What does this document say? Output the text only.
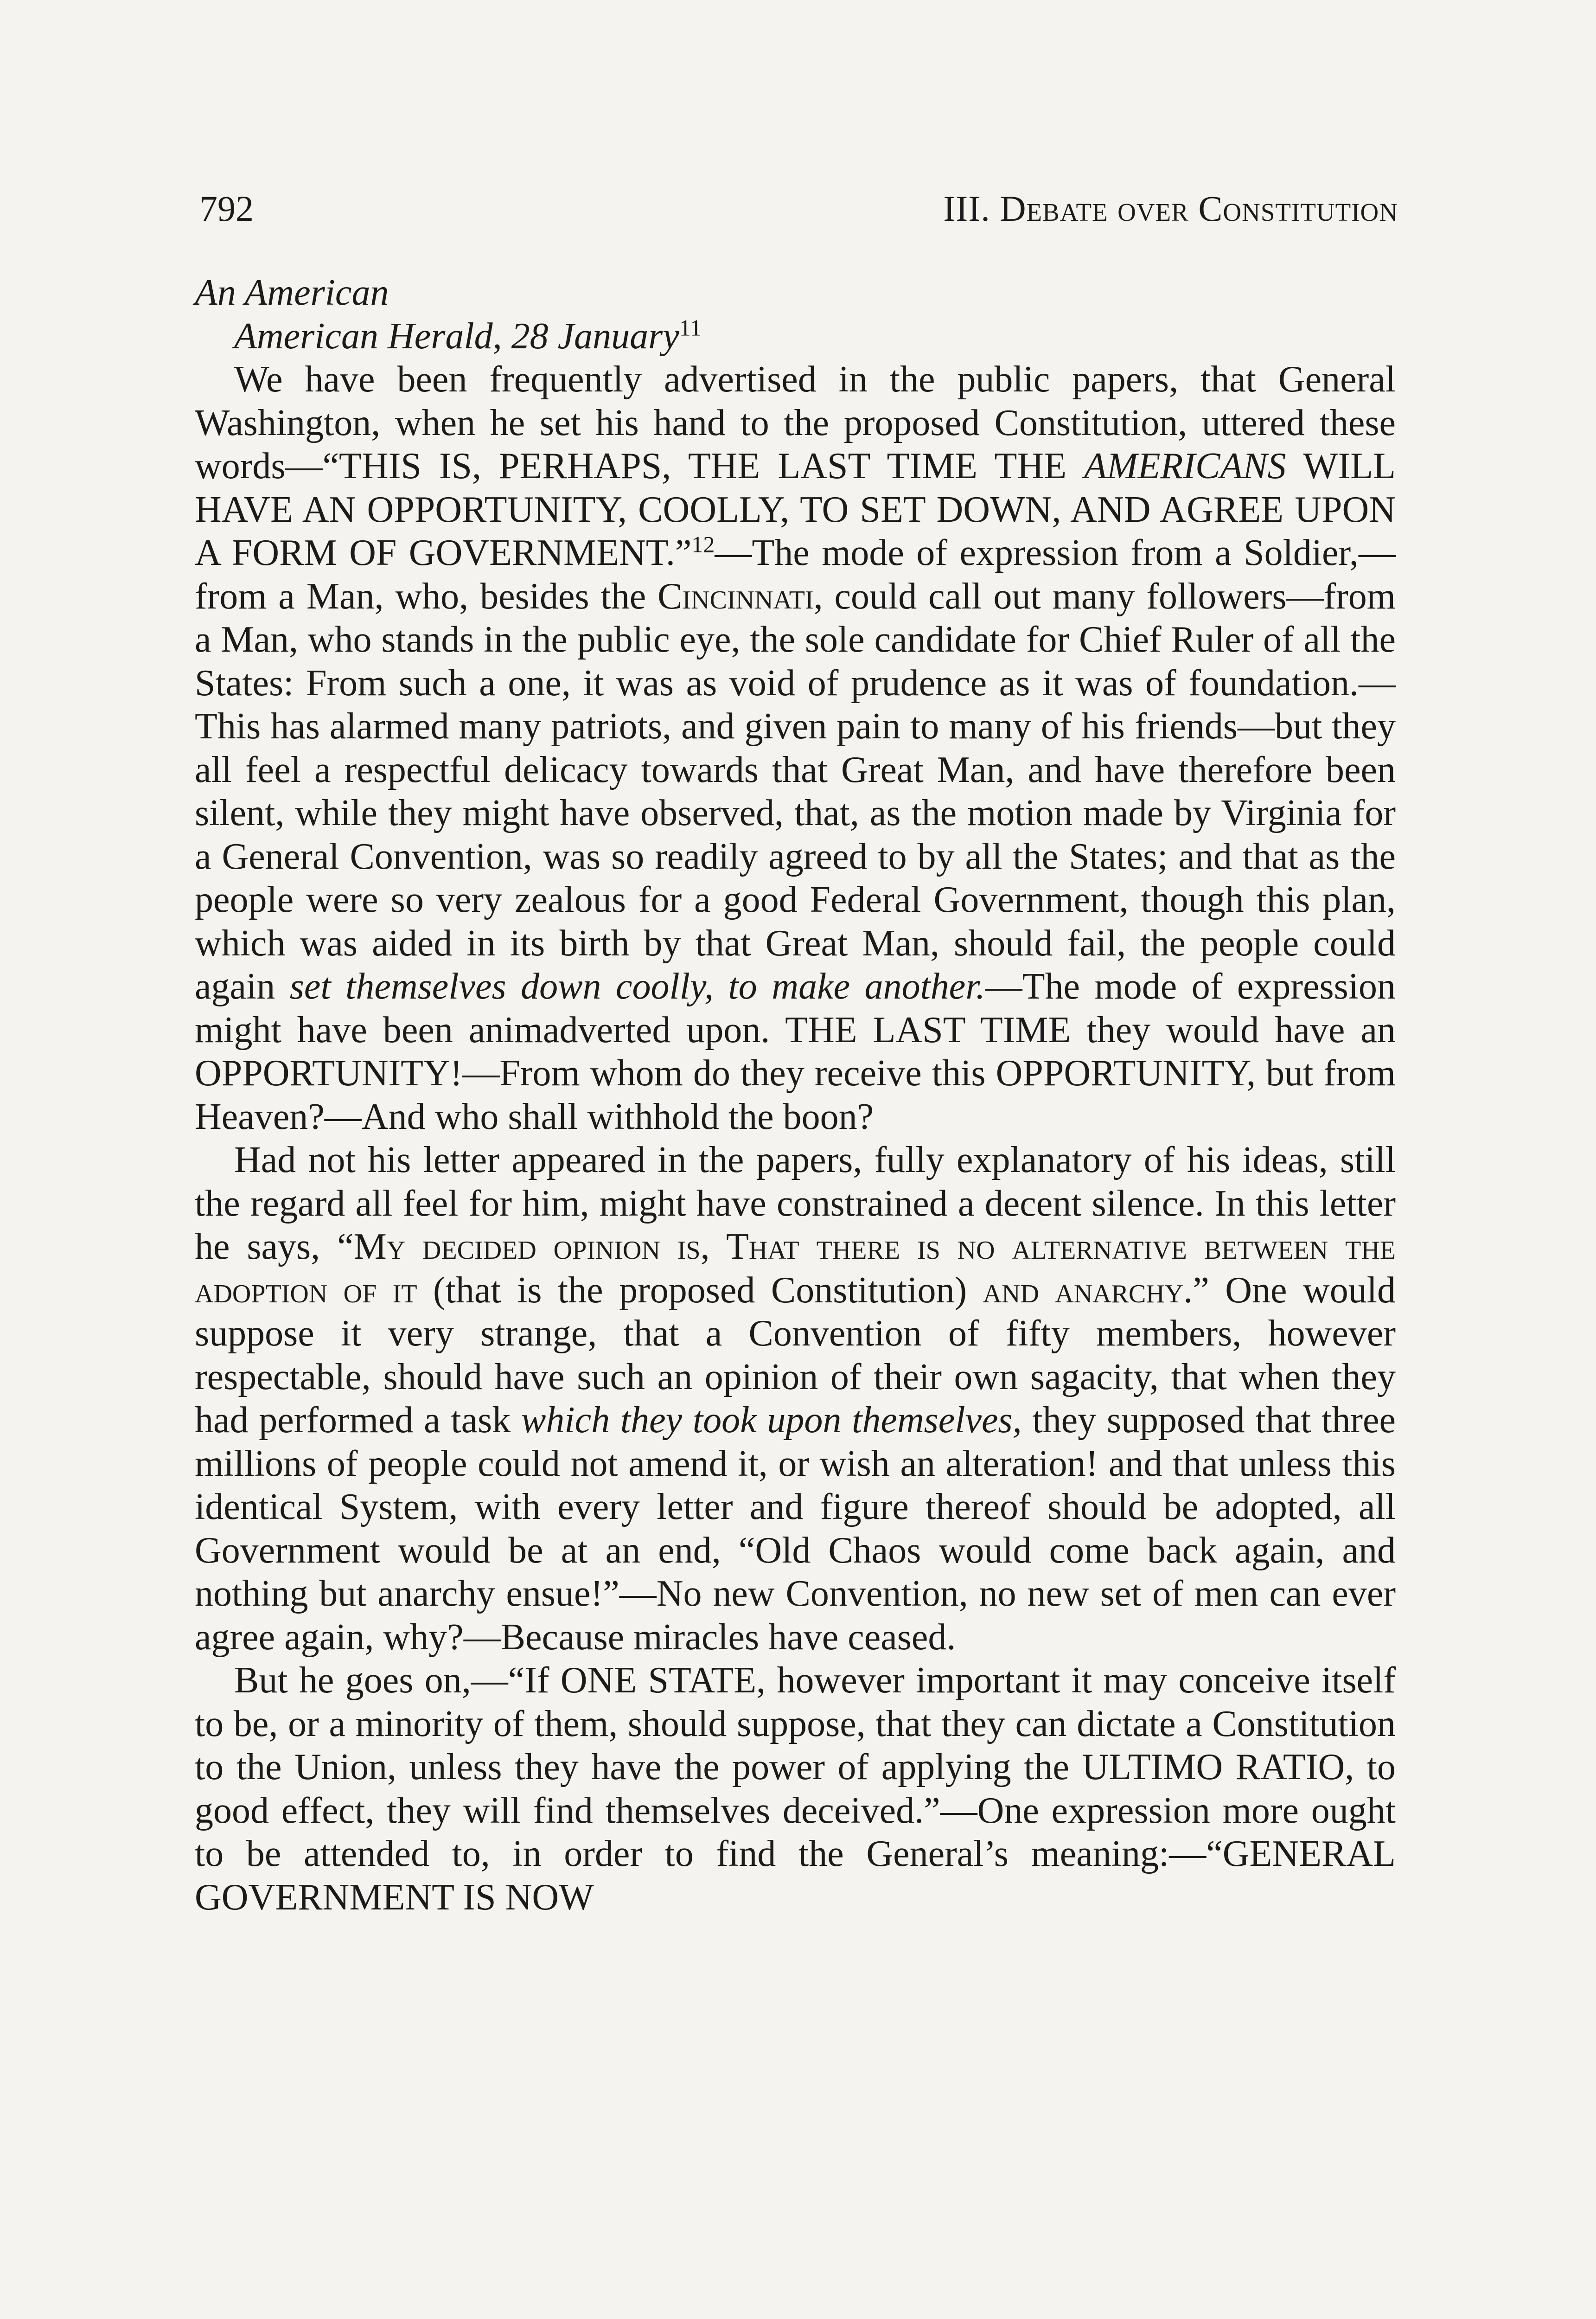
792	III. Debate over Constitution

An American

American Herald, 28 January$^{11}$

We have been frequently advertised in the public papers, that General Washington, when he set his hand to the proposed Constitution, uttered these words—“THIS IS, PERHAPS, THE LAST TIME THE AMERICANS WILL HAVE AN OPPORTUNITY, COOLLY, TO SET DOWN, AND AGREE UPON A FORM OF GOVERNMENT.”$^{12}$—The mode of expression from a Soldier,—from a Man, who, besides the Cincinnati, could call out many followers—from a Man, who stands in the public eye, the sole candidate for Chief Ruler of all the States: From such a one, it was as void of prudence as it was of foundation.—This has alarmed many patriots, and given pain to many of his friends—but they all feel a respectful delicacy towards that Great Man, and have therefore been silent, while they might have observed, that, as the motion made by Virginia for a General Convention, was so readily agreed to by all the States; and that as the people were so very zealous for a good Federal Government, though this plan, which was aided in its birth by that Great Man, should fail, the people could again set themselves down coolly, to make another.—The mode of expression might have been animadverted upon. THE LAST TIME they would have an OPPORTUNITY!—From whom do they receive this OPPORTUNITY, but from Heaven?—And who shall withhold the boon?

Had not his letter appeared in the papers, fully explanatory of his ideas, still the regard all feel for him, might have constrained a decent silence. In this letter he says, “My decided opinion is, That there is no alternative between the adoption of it (that is the proposed Constitution) and anarchy.” One would suppose it very strange, that a Convention of fifty members, however respectable, should have such an opinion of their own sagacity, that when they had performed a task which they took upon themselves, they supposed that three millions of people could not amend it, or wish an alteration! and that unless this identical System, with every letter and figure thereof should be adopted, all Government would be at an end, “Old Chaos would come back again, and nothing but anarchy ensue!”—No new Convention, no new set of men can ever agree again, why?—Because miracles have ceased.

But he goes on,—“If ONE STATE, however important it may conceive itself to be, or a minority of them, should suppose, that they can dictate a Constitution to the Union, unless they have the power of applying the ULTIMO RATIO, to good effect, they will find themselves deceived.”—One expression more ought to be attended to, in order to find the General’s meaning:—“GENERAL GOVERNMENT IS NOW
